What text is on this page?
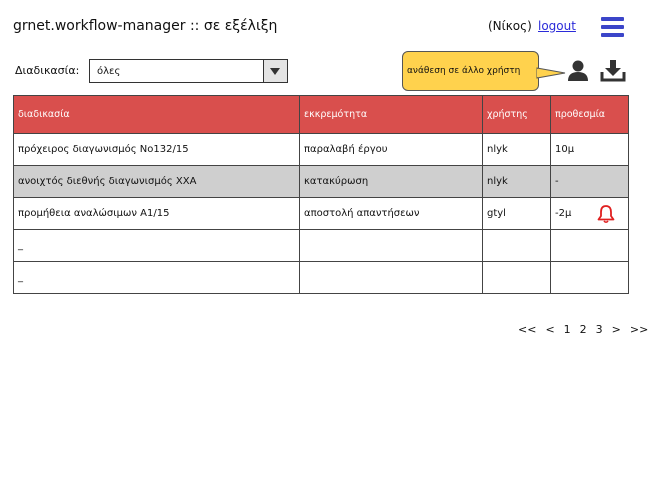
grnet.workflow-manager :: σε εξέλιξη	(Νίκος) logout
Διαδικασία: όλες	ανάθεση σε άλλο χρήστη
διαδικασία	εκκρεμότητα	χρήστης	προθεσμία
πρόχειρος διαγωνισμός Νο132/15	παραλαβή έργου	nlyk	10μ
ανοιχτός διεθνής διαγωνισμός ΧΧΑ	κατακύρωση	nlyk	-
προμήθεια αναλώσιμων Α1/15	αποστολή απαντήσεων	gtyl	-2μ

_			
_			
<< < 1 2 3 > >>
